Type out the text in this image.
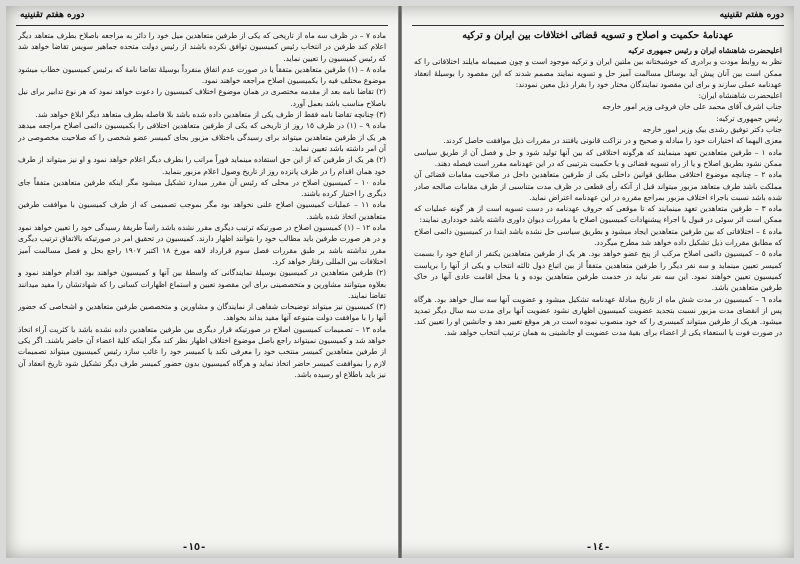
دوره هفتم تقنينيه

ماده ٧ – در ظرف سه ماه از تاریخی که یکی از طرفین متعاهدین میل خود را دائر به مراجعه باصلاح بطرف متعاهد دیگر اعلام کند طرفین در انتخاب رئیس کمیسیون توافق نکرده باشند از رئیس دولت متحده جماهیر سویس تقاضا خواهد شد که رئیس کمیسیون را تعیین نماید.

ماده ٨ – (١) طرفین متعاهدین متفقاً یا در صورت عدم اتفاق منفرداً بوسیلهٔ تقاضا نامهٔ که برئیس کمیسیون خطاب میشود موضوع مختلف فیه را بکمیسیون اصلاح مراجعه خواهند نمود.

(٢) تقاضا نامه بعد از مقدمه مختصری در همان موضوع اختلاف کمیسیون را دعوت خواهد نمود که هر نوع تدابیر برای نیل باصلاح مناسب باشد بعمل آورد.

(٣) چنانچه تقاضا نامه فقط از طرف یکی از متعاهدین داده شده باشد بلا فاصله بطرف متعاهد دیگر ابلاغ خواهد شد.

ماده ٩ – (١) در ظرف ١٥ روز از تاریخی که یکی از طرفین متعاهدین اختلافی را بکمیسیون دائمی اصلاح مراجعه میدهد هر یک از طرفین متعاهدین میتواند برای رسیدگی باختلاف مزبور بجای کمیسر عضو شخصی را که صلاحیت مخصوصی در آن امر داشته باشد تعیین نماید.

(٢) هر یک از طرفین که از این حق استفاده مینماید فوراً مراتب را بطرف دیگر اعلام خواهد نمود و او نیز میتواند از طرف خود همان اقدام را در ظرف پانزده روز از تاریخ وصول اعلام مزبور بنماید.

ماده ١٠ – کمیسیون اصلاح در محلی که رئیس آن مقرر میدارد تشکیل میشود مگر اینکه طرفین متعاهدین متفقاً جای دیگری را اختیار کرده باشند.

ماده ١١ – عملیات کمیسیون اصلاح علنی نخواهد بود مگر بموجب تصمیمی که از طرف کمیسیون با موافقت طرفین متعاهدین اتخاذ شده باشد.

ماده ١٢ – (١) کمیسیون اصلاح در صورتیکه ترتیب دیگری مقرر نشده باشد راساً طریقهٔ رسیدگی خود را تعیین خواهد نمود و در هر صورت طرفین باید مطالب خود را بتوانند اظهار دارند. کمیسیون در تحقیق امر در صورتیکه بالاتفاق ترتیب دیگری مقرر نداشته باشد بر طبق مقررات فصل سوم قرارداد لاهه مورخ ١٨ اکتبر ١٩٠٧ راجع بحل و فصل مسالمت آمیز اختلافات بین المللی رفتار خواهد کرد.

(٢) طرفین متعاهدین در کمیسیون بوسیلهٔ نمایندگانی که واسطهٔ بین آنها و کمیسیون خواهند بود اقدام خواهند نمود و بعلاوه میتوانند مشاورین و متخصصینی برای این مقصود تعیین و استماع اظهارات کسانی را که شهادتشان را مفید میدانند تقاضا نمایند.

(٣) کمیسیون نیز میتواند توضیحات شفاهی از نمایندگان و مشاورین و متخصصین طرفین متعاهدین و اشخاصی که حضور آنها را با موافقت دولت متبوعه آنها مفید بداند بخواهد.

ماده ١٣ – تصمیمات کمیسیون اصلاح در صورتیکه قرار دیگری بین طرفین متعاهدین داده نشده باشد با کثریت آراء اتخاذ خواهد شد و کمیسیون نمیتواند راجع باصل موضوع اختلاف اظهار نظر کند مگر اینکه کلیهٔ اعضاء آن حاضر باشند. اگر یکی از طرفین متعاهدین کمیسر منتخب خود را معرفی نکند یا کمیسر خود را غائب سازد رئیس کمیسیون میتواند تصمیمات لازم را بموافقت کمیسر حاضر اتخاذ نماید و هرگاه کمیسیون بدون حضور کمیسر طرف دیگر تشکیل شود تاریخ انعقاد آن نیز باید باطلاع او رسیده باشد.

-١٥-
دوره هفتم تقنينيه
عهدنامهٔ حکمیت و اصلاح و تسویه قضائی اختلافات بین ایران و ترکیه

اعلیحضرت شاهنشاه ایران و رئیس جمهوری ترکیه

نظر به روابط مودت و برادری که خوشبختانه بین ملتین ایران و ترکیه موجود است و چون صمیمانه مایلند اختلافاتی را که ممکن است بین آنان پیش آید بوسائل مسالمت آمیز حل و تسویه نمایند مصمم شدند که این مقصود را بوسیلهٔ انعقاد عهدنامه عملی سازند و برای این مقصود نمایندگان مختار خود را بقرار ذیل معین نمودند:

اعلیحضرت شاهنشاه ایران:

جناب اشرف آقای محمد علی خان فروغی وزیر امور خارجه

رئیس جمهوری ترکیه:

جناب دکتر توفیق رشدی بیک وزیر امور خارجه

معزی الیهما که اختیارات خود را مبادله و صحیح و در نزاکت قانونی یافتند در مقررات ذیل موافقت حاصل کردند.

ماده ١ – طرفین متعاهدین تعهد مینمایند که هرگونه اختلافی که بین آنها تولید شود و حل و فصل آن از طریق سیاسی ممکن نشود بطریق اصلاح و یا از راه تسویه قضائی و یا حکمیت بترتیبی که در این عهدنامه مقرر است فیصله دهند.

ماده ٢ – چنانچه موضوع اختلافی مطابق قوانین داخلی یکی از طرفین متعاهدین داخل در صلاحیت مقامات قضائی آن مملکت باشد طرف متعاهد مزبور میتواند قبل از آنکه رأی قطعی در ظرف مدت متناسبی از طرف مقامات صالحه صادر شده باشد نسبت باجراء اختلاف مزبور بمراجع مقرره در این عهدنامه اعتراض نماید.

ماده ٣ – طرفین متعاهدین تعهد مینمایند که تا موقعی که حروف عهدنامه در دست تسویه است از هر گونه عملیات که ممکن است اثر سوئی در قبول یا اجراء پیشنهادات کمیسیون اصلاح یا مقررات دیوان داوری داشته باشد خودداری نمایند:

ماده ٤ – اختلافاتی که بین طرفین متعاهدین ایجاد میشود و بطریق سیاسی حل نشده باشد ابتدا در کمیسیون دائمی اصلاح که مطابق مقررات ذیل تشکیل داده خواهد شد مطرح میگردد.

ماده ٥ – کمیسیون دائمی اصلاح مرکب از پنج عضو خواهد بود. هر یک از طرفین متعاهدین یکنفر از اتباع خود را بسمت کمیسر تعیین مینماید و سه نفر دیگر را طرفین متعاهدین متفقاً از بین اتباع دول ثالثه انتخاب و یکی از آنها را بریاست کمیسیون تعیین خواهند نمود. این سه نفر نباید در خدمت طرفین متعاهدین بوده و یا محل اقامت عادی آنها در خاک طرفین متعاهدین باشد.

ماده ٦ – کمیسیون در مدت شش ماه از تاریخ مبادلهٔ عهدنامه تشکیل میشود و عضویت آنها سه سال خواهد بود. هرگاه پس از انقضای مدت مزبور نسبت بتجدید عضویت کمیسیون اظهاری نشود عضویت آنها برای مدت سه سال دیگر تمدید میشود. هریک از طرفین میتواند کمیسری را که خود منصوب نموده است در هر موقع تغییر دهد و جانشین او را تعیین کند. در صورت فوت یا استعفاء یکی از اعضاء برای بقیهٔ مدت عضویت او جانشینی به همان ترتیب انتخاب خواهد شد.

-١٤-
